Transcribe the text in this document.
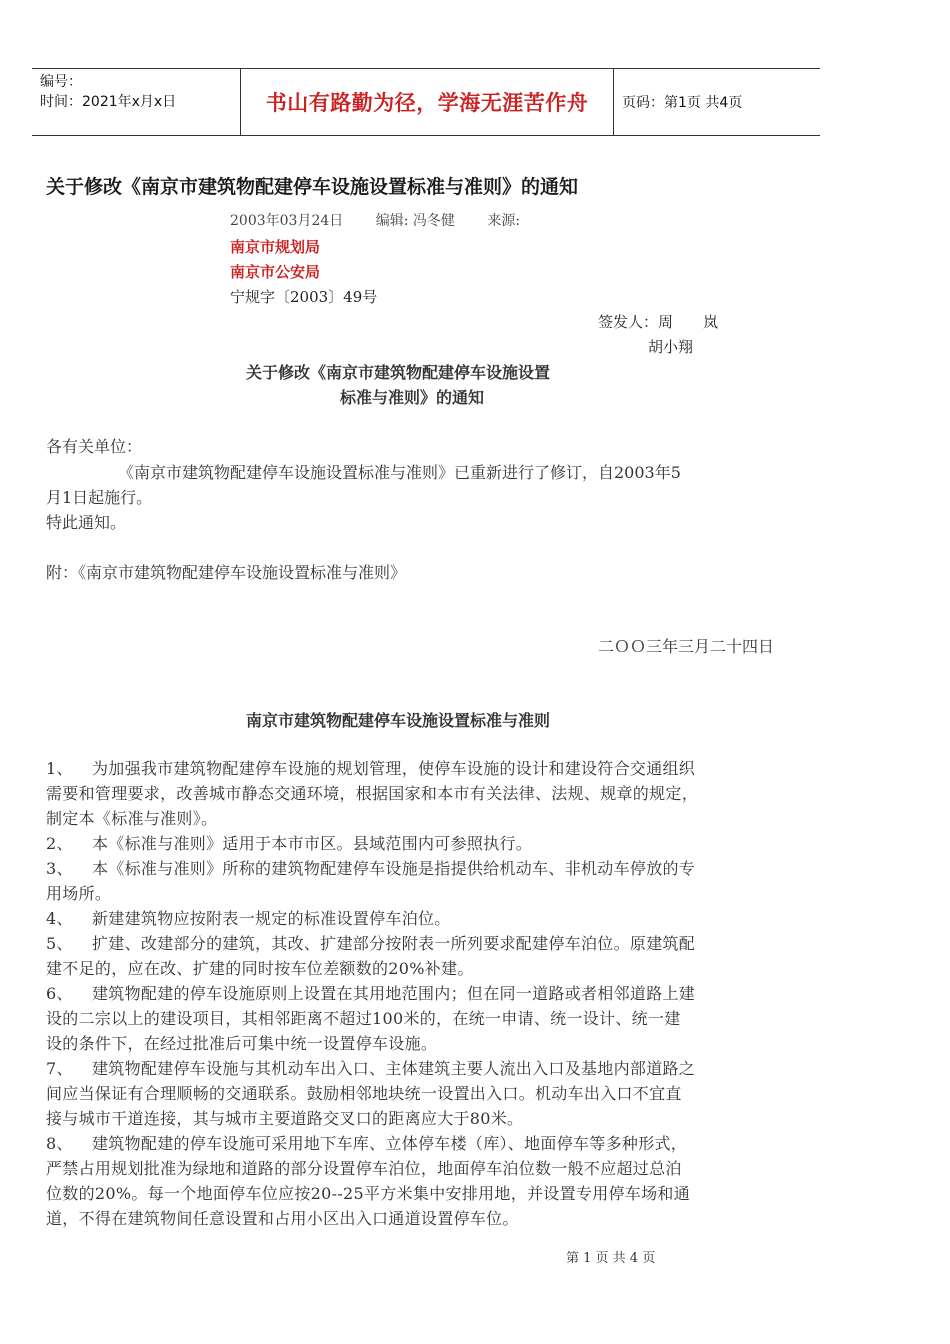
编号：
时间：2021年x月x日	书山有路勤为径，学海无涯苦作舟	页码：第1页 共4页
关于修改《南京市建筑物配建停车设施设置标准与准则》的通知
2003年03月24日 编辑: 冯冬健 来源:
南京市规划局
南京市公安局
宁规字〔2003〕49号
签发人：周 岚
胡小翔
关于修改《南京市建筑物配建停车设施设置
标准与准则》的通知
各有关单位：
《南京市建筑物配建停车设施设置标准与准则》已重新进行了修订，自2003年5
月1日起施行。
特此通知。
附：《南京市建筑物配建停车设施设置标准与准则》
二ＯＯ三年三月二十四日
南京市建筑物配建停车设施设置标准与准则
1、 为加强我市建筑物配建停车设施的规划管理，使停车设施的设计和建设符合交通组织
需要和管理要求，改善城市静态交通环境，根据国家和本市有关法律、法规、规章的规定，
制定本《标准与准则》。
2、 本《标准与准则》适用于本市市区。县域范围内可参照执行。
3、 本《标准与准则》所称的建筑物配建停车设施是指提供给机动车、非机动车停放的专
用场所。
4、 新建建筑物应按附表一规定的标准设置停车泊位。
5、 扩建、改建部分的建筑，其改、扩建部分按附表一所列要求配建停车泊位。原建筑配
建不足的，应在改、扩建的同时按车位差额数的20%补建。
6、 建筑物配建的停车设施原则上设置在其用地范围内；但在同一道路或者相邻道路上建
设的二宗以上的建设项目，其相邻距离不超过100米的，在统一申请、统一设计、统一建
设的条件下，在经过批准后可集中统一设置停车设施。
7、 建筑物配建停车设施与其机动车出入口、主体建筑主要人流出入口及基地内部道路之
间应当保证有合理顺畅的交通联系。鼓励相邻地块统一设置出入口。机动车出入口不宜直
接与城市干道连接，其与城市主要道路交叉口的距离应大于80米。
8、 建筑物配建的停车设施可采用地下车库、立体停车楼（库）、地面停车等多种形式，
严禁占用规划批准为绿地和道路的部分设置停车泊位，地面停车泊位数一般不应超过总泊
位数的20%。每一个地面停车位应按20--25平方米集中安排用地，并设置专用停车场和通
道，不得在建筑物间任意设置和占用小区出入口通道设置停车位。
第 1 页 共 4 页
